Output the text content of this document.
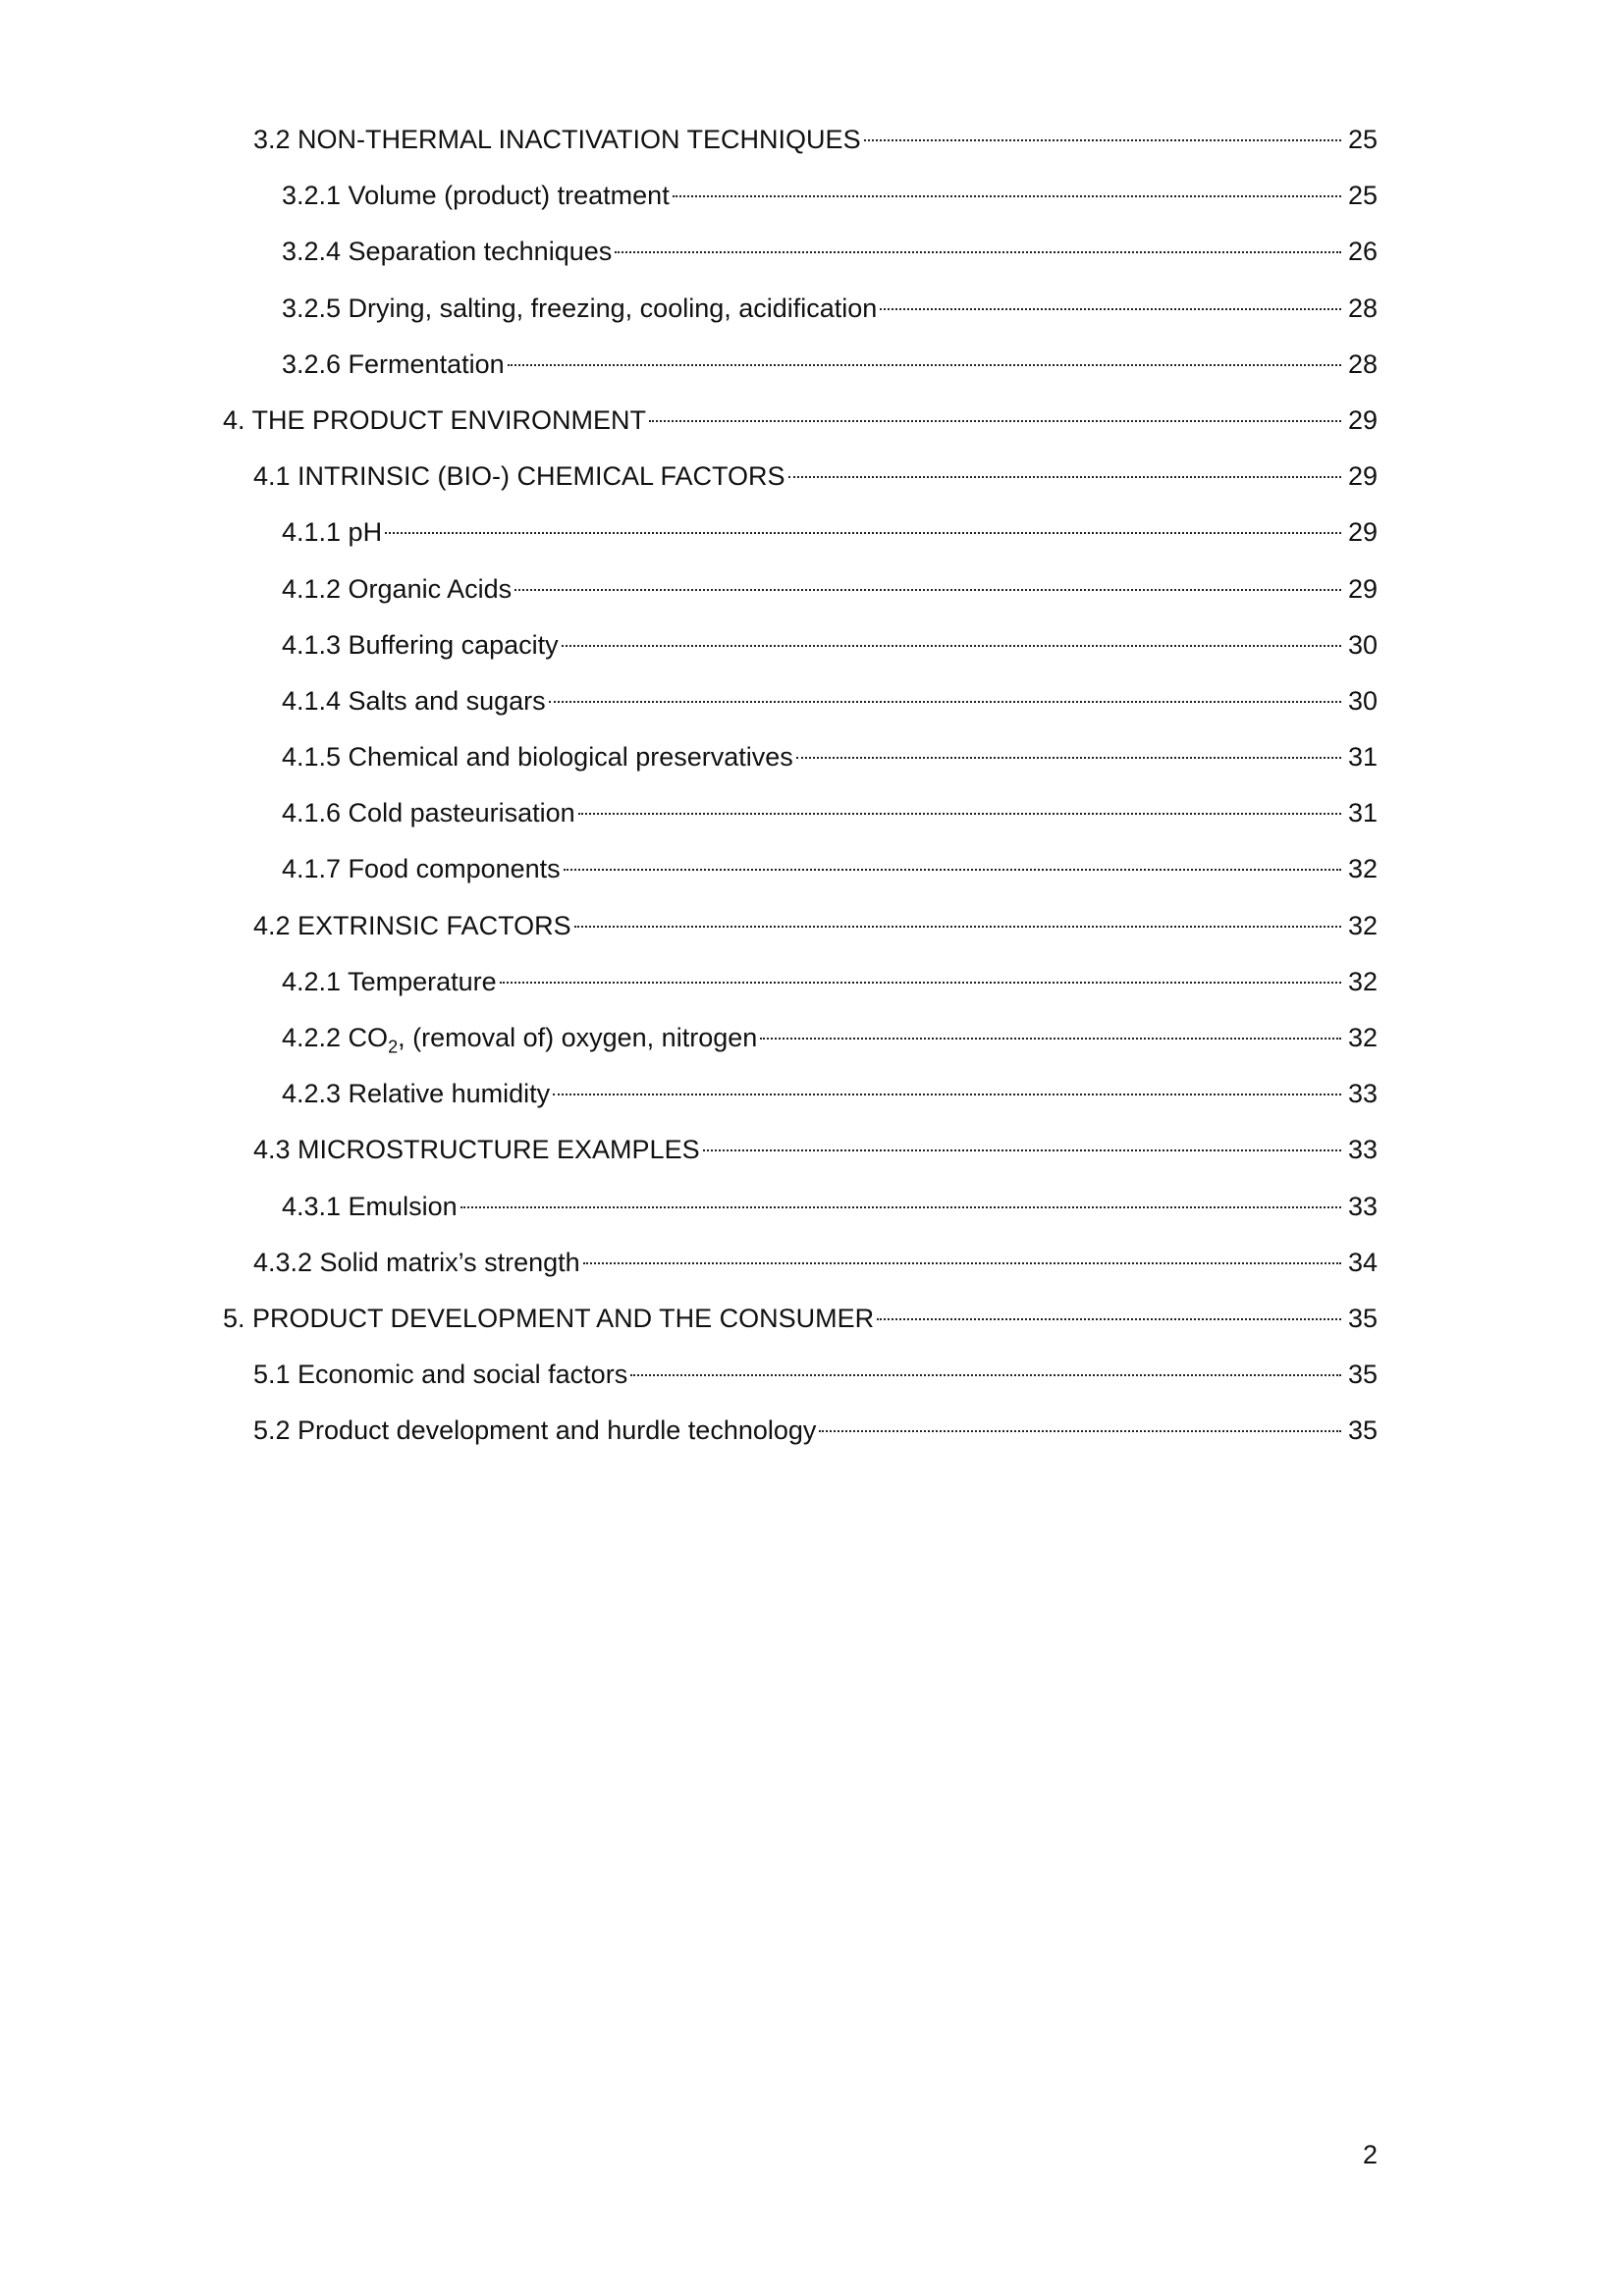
3.2 NON-THERMAL INACTIVATION TECHNIQUES	25
3.2.1 Volume (product) treatment	25
3.2.4 Separation techniques	26
3.2.5 Drying, salting, freezing, cooling, acidification	28
3.2.6 Fermentation	28
4. THE PRODUCT ENVIRONMENT	29
4.1 INTRINSIC (BIO-) CHEMICAL FACTORS	29
4.1.1 pH	29
4.1.2 Organic Acids	29
4.1.3 Buffering capacity	30
4.1.4 Salts and sugars	30
4.1.5 Chemical and biological preservatives	31
4.1.6 Cold pasteurisation	31
4.1.7 Food components	32
4.2 EXTRINSIC FACTORS	32
4.2.1 Temperature	32
4.2.2 $CO_2$, (removal of) oxygen, nitrogen	32
4.2.3 Relative humidity	33
4.3 MICROSTRUCTURE EXAMPLES	33
4.3.1 Emulsion	33
4.3.2 Solid matrix’s strength	34
5. PRODUCT DEVELOPMENT AND THE CONSUMER	35
5.1 Economic and social factors	35
5.2 Product development and hurdle technology	35
2
